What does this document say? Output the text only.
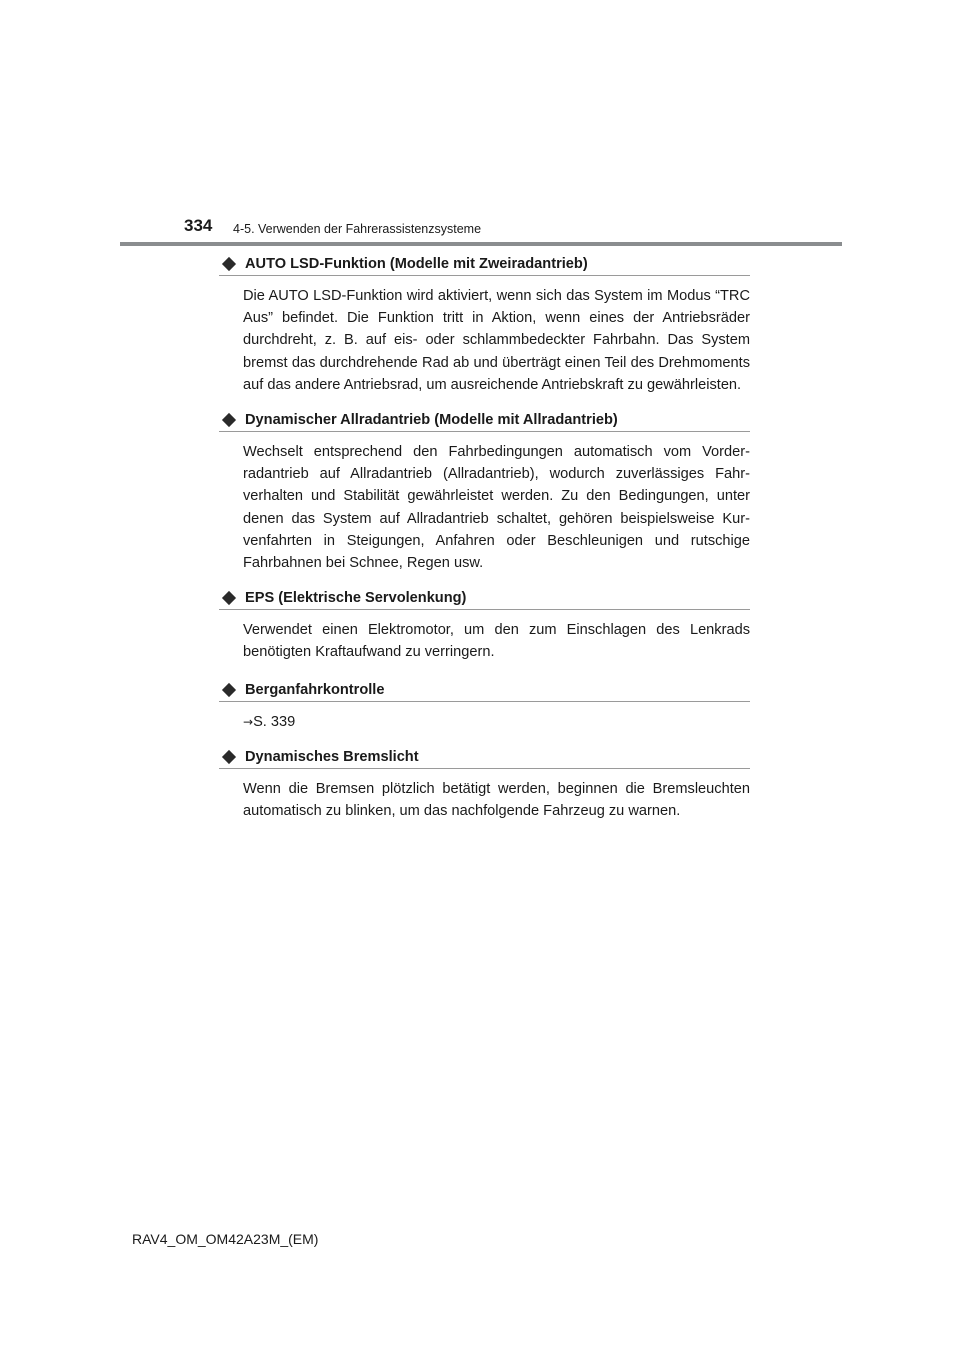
334 4-5. Verwenden der Fahrerassistenzsysteme
AUTO LSD-Funktion (Modelle mit Zweiradantrieb)

Die AUTO LSD-Funktion wird aktiviert, wenn sich das System im Modus “TRC Aus” befindet. Die Funktion tritt in Aktion, wenn eines der Antriebsräder durchdreht, z. B. auf eis- oder schlammbedeckter Fahrbahn. Das System bremst das durchdrehende Rad ab und überträgt einen Teil des Drehmoments auf das andere Antriebsrad, um ausreichende Antriebskraft zu gewährleisten.

Dynamischer Allradantrieb (Modelle mit Allradantrieb)

Wechselt entsprechend den Fahrbedingungen automatisch vom Vorderradantrieb auf Allradantrieb (Allradantrieb), wodurch zuverlässiges Fahrverhalten und Stabilität gewährleistet werden. Zu den Bedingungen, unter denen das System auf Allradantrieb schaltet, gehören beispielsweise Kurvenfahrten in Steigungen, Anfahren oder Beschleunigen und rutschige Fahrbahnen bei Schnee, Regen usw.

EPS (Elektrische Servolenkung)

Verwendet einen Elektromotor, um den zum Einschlagen des Lenkrads benötigten Kraftaufwand zu verringern.

Berganfahrkontrolle

→S. 339

Dynamisches Bremslicht

Wenn die Bremsen plötzlich betätigt werden, beginnen die Bremsleuchten automatisch zu blinken, um das nachfolgende Fahrzeug zu warnen.

RAV4_OM_OM42A23M_(EM)
